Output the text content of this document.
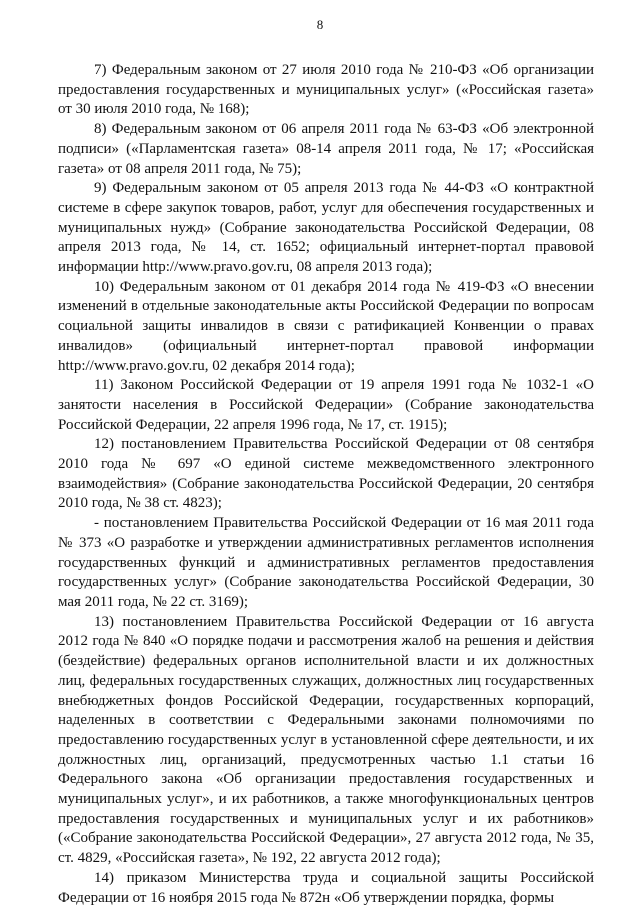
8

7) Федеральным законом от 27 июля 2010 года № 210-ФЗ «Об организации предоставления государственных и муниципальных услуг» («Российская газета» от 30 июля 2010 года, № 168);

8) Федеральным законом от 06 апреля 2011 года № 63-ФЗ «Об электронной подписи» («Парламентская газета» 08-14 апреля 2011 года, № 17; «Российская газета» от 08 апреля 2011 года, № 75);

9) Федеральным законом от 05 апреля 2013 года № 44-ФЗ «О контрактной системе в сфере закупок товаров, работ, услуг для обеспечения государственных и муниципальных нужд» (Собрание законодательства Российской Федерации, 08 апреля 2013 года, № 14, ст. 1652; официальный интернет-портал правовой информации http://www.pravo.gov.ru, 08 апреля 2013 года);

10) Федеральным законом от 01 декабря 2014 года № 419-ФЗ «О внесении изменений в отдельные законодательные акты Российской Федерации по вопросам социальной защиты инвалидов в связи с ратификацией Конвенции о правах инвалидов» (официальный интернет-портал правовой информации http://www.pravo.gov.ru, 02 декабря 2014 года);

11) Законом Российской Федерации от 19 апреля 1991 года № 1032-1 «О занятости населения в Российской Федерации» (Собрание законодательства Российской Федерации, 22 апреля 1996 года, № 17, ст. 1915);

12) постановлением Правительства Российской Федерации от 08 сентября 2010 года № 697 «О единой системе межведомственного электронного взаимодействия» (Собрание законодательства Российской Федерации, 20 сентября 2010 года, № 38 ст. 4823);

- постановлением Правительства Российской Федерации от 16 мая 2011 года № 373 «О разработке и утверждении административных регламентов исполнения государственных функций и административных регламентов предоставления государственных услуг» (Собрание законодательства Российской Федерации, 30 мая 2011 года, № 22 ст. 3169);

13) постановлением Правительства Российской Федерации от 16 августа 2012 года № 840 «О порядке подачи и рассмотрения жалоб на решения и действия (бездействие) федеральных органов исполнительной власти и их должностных лиц, федеральных государственных служащих, должностных лиц государственных внебюджетных фондов Российской Федерации, государственных корпораций, наделенных в соответствии с Федеральными законами полномочиями по предоставлению государственных услуг в установленной сфере деятельности, и их должностных лиц, организаций, предусмотренных частью 1.1 статьи 16 Федерального закона «Об организации предоставления государственных и муниципальных услуг», и их работников, а также многофункциональных центров предоставления государственных и муниципальных услуг и их работников» («Собрание законодательства Российской Федерации», 27 августа 2012 года, № 35, ст. 4829, «Российская газета», № 192, 22 августа 2012 года);

14) приказом Министерства труда и социальной защиты Российской Федерации от 16 ноября 2015 года № 872н «Об утверждении порядка, формы
